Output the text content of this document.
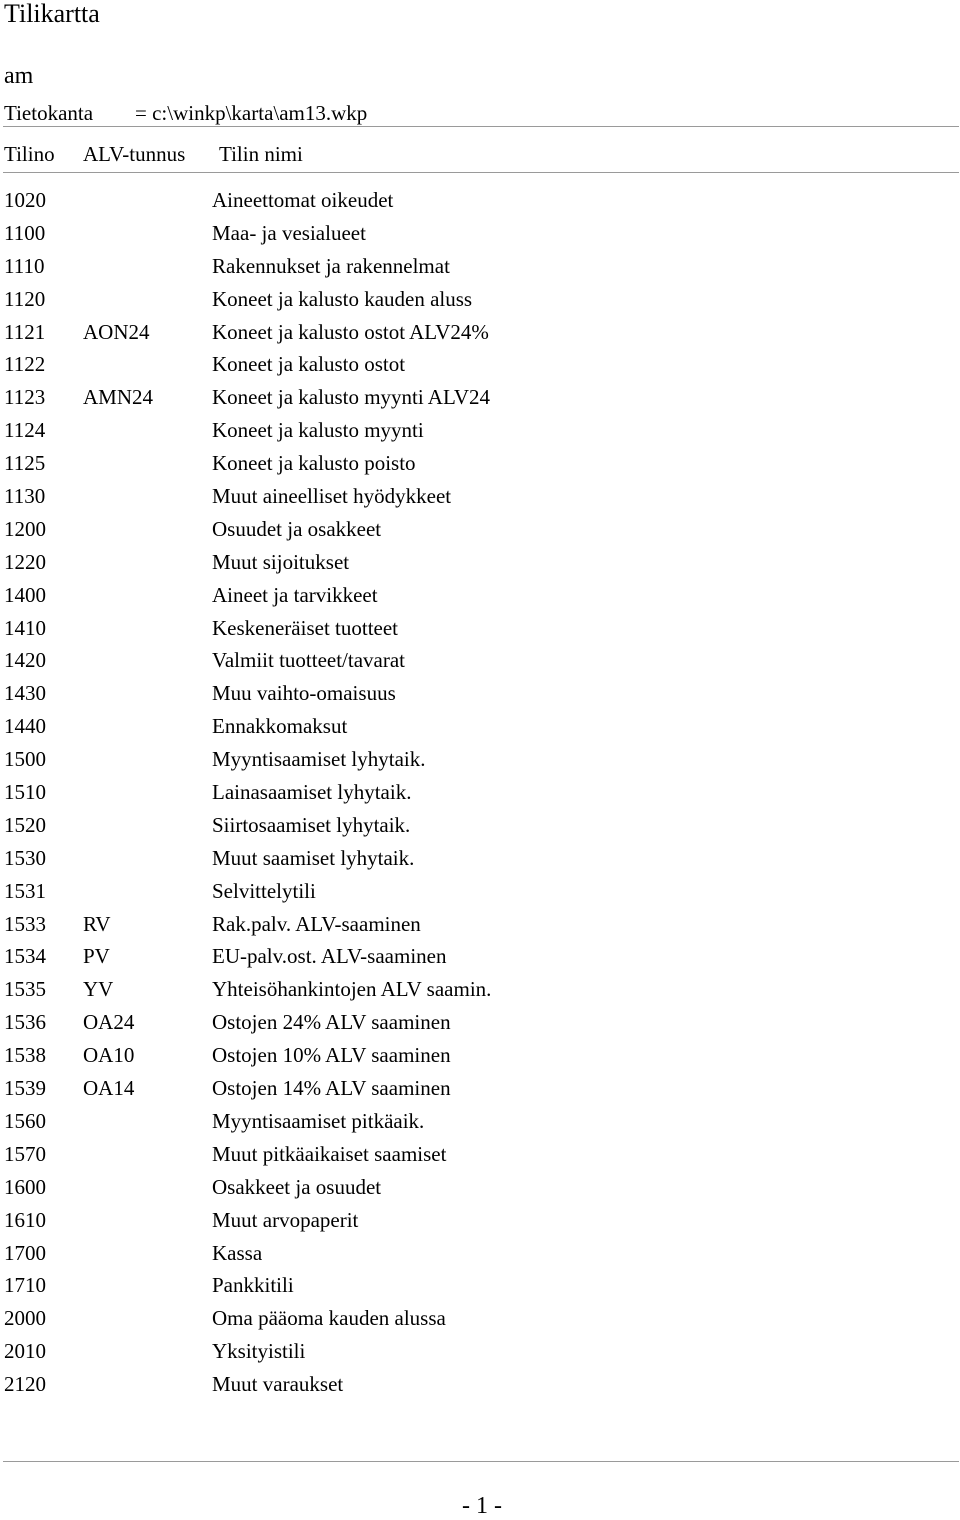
Tilikartta
am
Tietokanta = c:\winkp\karta\am13.wkp
Tilino ALV-tunnus Tilin nimi
1020	Aineettomat oikeudet
1100	Maa- ja vesialueet
1110	Rakennukset ja rakennelmat
1120	Koneet ja kalusto kauden aluss
1121 AON24	Koneet ja kalusto ostot ALV24%
1122	Koneet ja kalusto ostot
1123 AMN24	Koneet ja kalusto myynti ALV24
1124	Koneet ja kalusto myynti
1125	Koneet ja kalusto poisto
1130	Muut aineelliset hyödykkeet
1200	Osuudet ja osakkeet
1220	Muut sijoitukset
1400	Aineet ja tarvikkeet
1410	Keskeneräiset tuotteet
1420	Valmiit tuotteet/tavarat
1430	Muu vaihto-omaisuus
1440	Ennakkomaksut
1500	Myyntisaamiset lyhytaik.
1510	Lainasaamiset lyhytaik.
1520	Siirtosaamiset lyhytaik.
1530	Muut saamiset lyhytaik.
1531	Selvittelytili
1533 RV	Rak.palv. ALV-saaminen
1534 PV	EU-palv.ost. ALV-saaminen
1535 YV	Yhteisöhankintojen ALV saamin.
1536 OA24	Ostojen 24% ALV saaminen
1538 OA10	Ostojen 10% ALV saaminen
1539 OA14	Ostojen 14% ALV saaminen
1560	Myyntisaamiset pitkäaik.
1570	Muut pitkäaikaiset saamiset
1600	Osakkeet ja osuudet
1610	Muut arvopaperit
1700	Kassa
1710	Pankkitili
2000	Oma pääoma kauden alussa
2010	Yksityistili
2120	Muut varaukset
- 1 -
